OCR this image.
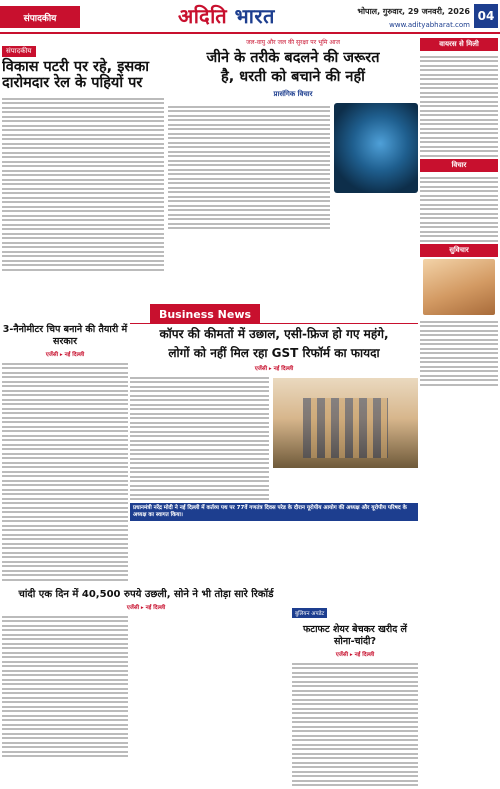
संपादकीय	अदिति भारत	भोपाल, गुरुवार, 29 जनवरी, 2026
www.adityabharat.com
04
संपादकीय
विकास पटरी पर रहे, इसका दारोमदार रेल के पहियों पर
जल-वायु और जल की सुरक्षा पर भूमि आज
जीने के तरीके बदलने की जरूरत
है, धरती को बचाने की नहीं
प्रासंगिक विचार
वायरस से मिली
विचार
सुविचार
Business News
3-नैनोमीटर चिप बनाने की तैयारी में सरकार
एजेंसी ▸ नई दिल्ली
कॉपर की कीमतों में उछाल, एसी-फ्रिज हो गए महंगे,
लोगों को नहीं मिल रहा GST रिफॉर्म का फायदा
एजेंसी ▸ नई दिल्ली
प्रधानमंत्री नरेंद्र मोदी ने नई दिल्ली में कर्तव्य पथ पर 77वें गणतंत्र दिवस परेड के दौरान यूरोपीय आयोग की अध्यक्ष और यूरोपीय परिषद के अध्यक्ष का स्वागत किया।
बुलियन अपडेट
फटाफट शेयर बेचकर खरीद लें सोना-चांदी?
एजेंसी ▸ नई दिल्ली
चांदी एक दिन में 40,500 रुपये उछली, सोने ने भी तोड़ा सारे रिकॉर्ड
एजेंसी ▸ नई दिल्ली
